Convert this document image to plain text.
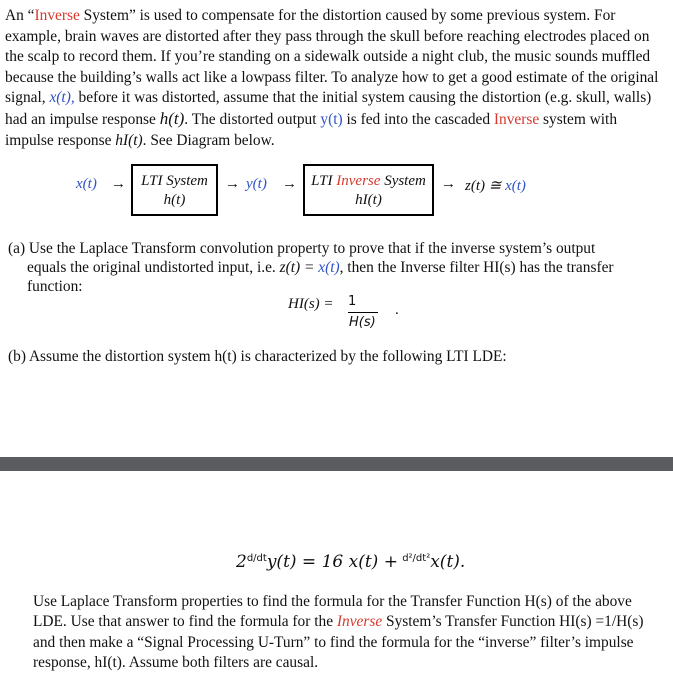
An “Inverse System” is used to compensate for the distortion caused by some previous system. For example, brain waves are distorted after they pass through the skull before reaching electrodes placed on the scalp to record them. If you’re standing on a sidewalk outside a night club, the music sounds muffled because the building’s walls act like a lowpass filter. To analyze how to get a good estimate of the original signal, x(t), before it was distorted, assume that the initial system causing the distortion (e.g. skull, walls) had an impulse response h(t). The distorted output y(t) is fed into the cascaded Inverse system with impulse response hI(t). See Diagram below.
x(t) →	LTI System
h(t)
→ y(t) → LTI Inverse System
hI(t)
→ z(t) ≅ x(t)
(a) Use the Laplace Transform convolution property to prove that if the inverse system’s output
equals the original undistorted input, i.e. z(t) = x(t), then the Inverse filter HI(s) has the transfer
function:
HI(s) = 1
H(s)
.
(b) Assume the distortion system h(t) is characterized by the following LTI LDE:
$2^{d/dt}y(t) = 16$ x(t) + $^{d^2/dt^2}$x(t).
Use Laplace Transform properties to find the formula for the Transfer Function H(s) of the above LDE. Use that answer to find the formula for the Inverse System’s Transfer Function HI(s) =1/H(s) and then make a “Signal Processing U-Turn” to find the formula for the “inverse” filter’s impulse response, hI(t). Assume both filters are causal.
